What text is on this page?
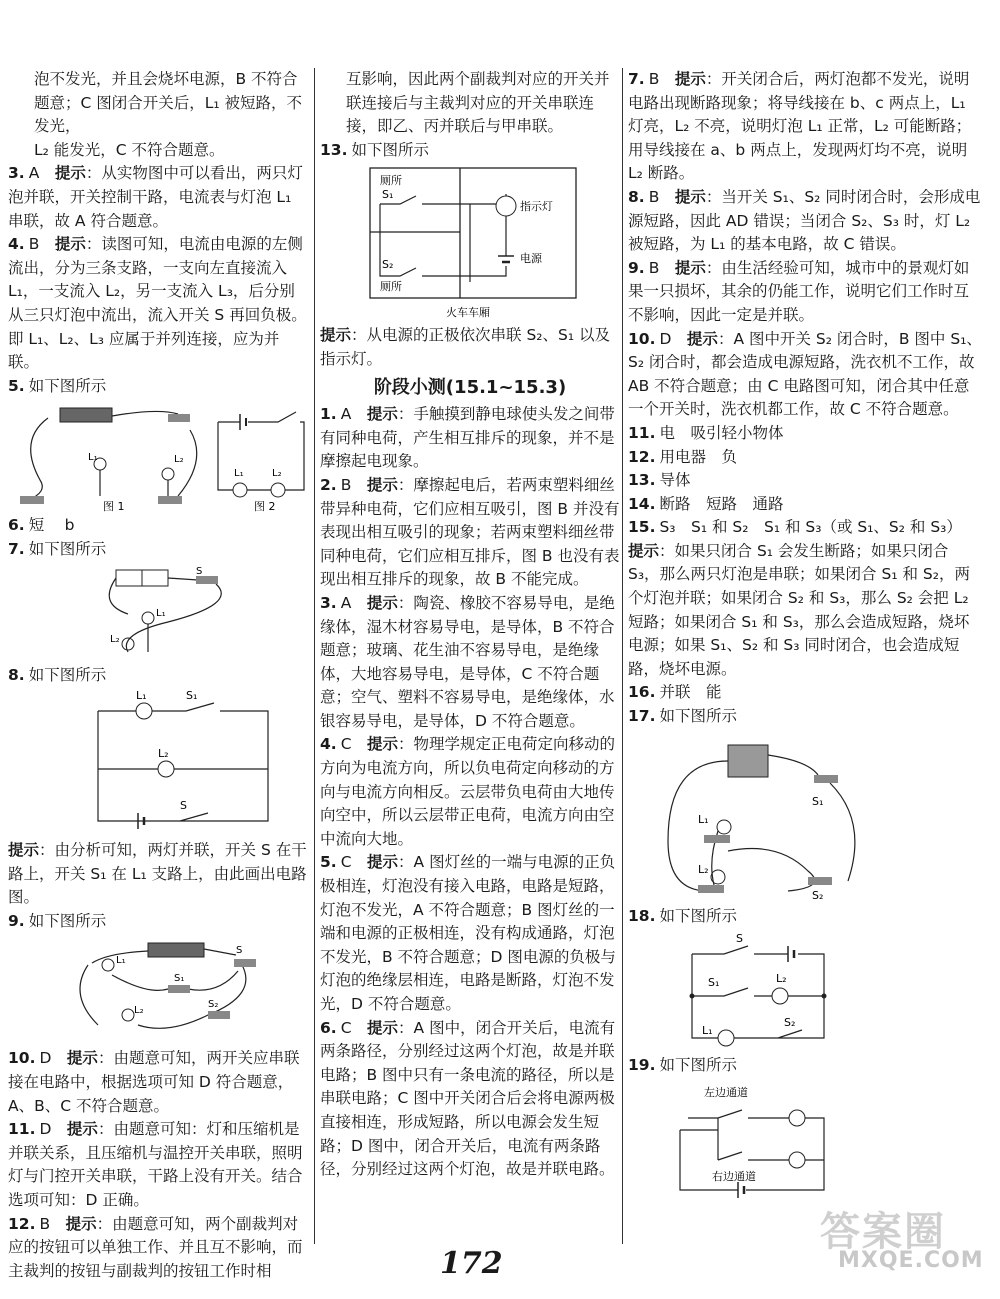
泡不发光，并且会烧坏电源，B 不符合题意；C 图闭合开关后，L₁ 被短路，不发光，
L₂ 能发光，C 不符合题意。
3. A　 提示：从实物图中可以看出，两只灯泡并联，开关控制干路，电流表与灯泡 L₁ 串联，故 A 符合题意。
4. B　 提示：读图可知，电流由电源的左侧流出，分为三条支路，一支向左直接流入 L₁，一支流入 L₂，另一支流入 L₃，后分别从三只灯泡中流出，流入开关 S 再回负极。即 L₁、L₂、L₃ 应属于并列连接，应为并联。
5. 如下图所示
L₁	L₂
图 1
L₁	L₂
图 2
6. 短　 b
7. 如下图所示
S
L₁
L₂
8. 如下图所示
L₁	S₁
L₂
S
提示：由分析可知，两灯并联，开关 S 在干路上，开关 S₁ 在 L₁ 支路上，由此画出电路图。
9. 如下图所示
L₁
L₂
S
S₁
S₂
10. D　 提示：由题意可知，两开关应串联接在电路中，根据选项可知 D 符合题意，A、B、C 不符合题意。
11. D　 提示：由题意可知：灯和压缩机是并联关系，且压缩机与温控开关串联，照明灯与门控开关串联，干路上没有开关。结合选项可知：D 正确。
12. B　 提示：由题意可知，两个副裁判对应的按钮可以单独工作、并且互不影响，而主裁判的按钮与副裁判的按钮工作时相
互影响，因此两个副裁判对应的开关并联连接后与主裁判对应的开关串联连接，即乙、丙并联后与甲串联。
13. 如下图所示
厕所
S₁
指示灯
电源
S₂
厕所
火车车厢
提示：从电源的正极依次串联 S₂、S₁ 以及指示灯。
阶段小测(15.1~15.3)
1. A　 提示：手触摸到静电球使头发之间带有同种电荷，产生相互排斥的现象，并不是摩擦起电现象。
2. B　 提示：摩擦起电后，若两束塑料细丝带异种电荷，它们应相互吸引，图 B 并没有表现出相互吸引的现象；若两束塑料细丝带同种电荷，它们应相互排斥，图 B 也没有表现出相互排斥的现象，故 B 不能完成。
3. A　 提示：陶瓷、橡胶不容易导电，是绝缘体，湿木材容易导电，是导体，B 不符合题意；玻璃、花生油不容易导电，是绝缘体，大地容易导电，是导体，C 不符合题意；空气、塑料不容易导电，是绝缘体，水银容易导电，是导体，D 不符合题意。
4. C　 提示：物理学规定正电荷定向移动的方向为电流方向，所以负电荷定向移动的方向与电流方向相反。云层带负电荷由大地传向空中，所以云层带正电荷，电流方向由空中流向大地。
5. C　 提示：A 图灯丝的一端与电源的正负极相连，灯泡没有接入电路，电路是短路，灯泡不发光，A 不符合题意；B 图灯丝的一端和电源的正极相连，没有构成通路，灯泡不发光，B 不符合题意；D 图电源的负极与灯泡的绝缘层相连，电路是断路，灯泡不发光，D 不符合题意。
6. C　 提示：A 图中，闭合开关后，电流有两条路径，分别经过这两个灯泡，故是并联电路；B 图中只有一条电流的路径，所以是串联电路；C 图中开关闭合后会将电源两极直接相连，形成短路，所以电源会发生短路；D 图中，闭合开关后，电流有两条路径，分别经过这两个灯泡，故是并联电路。
7. B　 提示：开关闭合后，两灯泡都不发光，说明电路出现断路现象；将导线接在 b、c 两点上，L₁ 灯亮，L₂ 不亮，说明灯泡 L₁ 正常，L₂ 可能断路；用导线接在 a、b 两点上，发现两灯均不亮，说明 L₂ 断路。
8. B　 提示：当开关 S₁、S₂ 同时闭合时，会形成电源短路，因此 AD 错误；当闭合 S₂、S₃ 时，灯 L₂ 被短路，为 L₁ 的基本电路，故 C 错误。
9. B　 提示：由生活经验可知，城市中的景观灯如果一只损坏，其余的仍能工作，说明它们工作时互不影响，因此一定是并联。
10. D　 提示：A 图中开关 S₂ 闭合时，B 图中 S₁、S₂ 闭合时，都会造成电源短路，洗衣机不工作，故 AB 不符合题意；由 C 电路图可知，闭合其中任意一个开关时，洗衣机都工作，故 C 不符合题意。
11. 电　吸引轻小物体
12. 用电器　负
13. 导体
14. 断路　短路　通路
15. S₃　S₁ 和 S₂　S₁ 和 S₃（或 S₁、S₂ 和 S₃）
提示：如果只闭合 S₁ 会发生断路；如果只闭合 S₃，那么两只灯泡是串联；如果闭合 S₁ 和 S₂，两个灯泡并联；如果闭合 S₂ 和 S₃，那么 S₂ 会把 L₂ 短路；如果闭合 S₁ 和 S₃，那么会造成短路，烧坏电源；如果 S₁、S₂ 和 S₃ 同时闭合，也会造成短路，烧坏电源。
16. 并联　能
17. 如下图所示
L₁
L₂
S₁
S₂
18. 如下图所示
S
S₁	L₂
L₁
S₂
19. 如下图所示
左边通道
右边通道
172
答案圈
MXQE.COM
